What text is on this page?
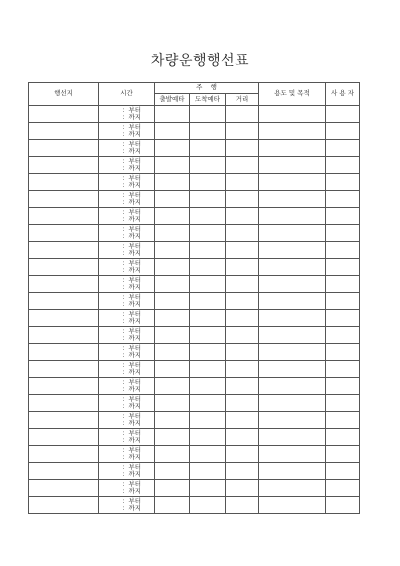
차량운행행선표
행선지	시간	주    행			용도 및 목적	사 용 자
		출발예타	도착예타	거리		

	：부터
：까지					

	：부터
：까지					

	：부터
：까지					

	：부터
：까지					

	：부터
：까지					

	：부터
：까지					

	：부터
：까지					

	：부터
：까지					

	：부터
：까지					

	：부터
：까지					

	：부터
：까지					

	：부터
：까지					

	：부터
：까지					

	：부터
：까지					

	：부터
：까지					

	：부터
：까지					

	：부터
：까지					

	：부터
：까지					

	：부터
：까지					

	：부터
：까지					

	：부터
：까지					

	：부터
：까지					

	：부터
：까지					

	：부터
：까지					
